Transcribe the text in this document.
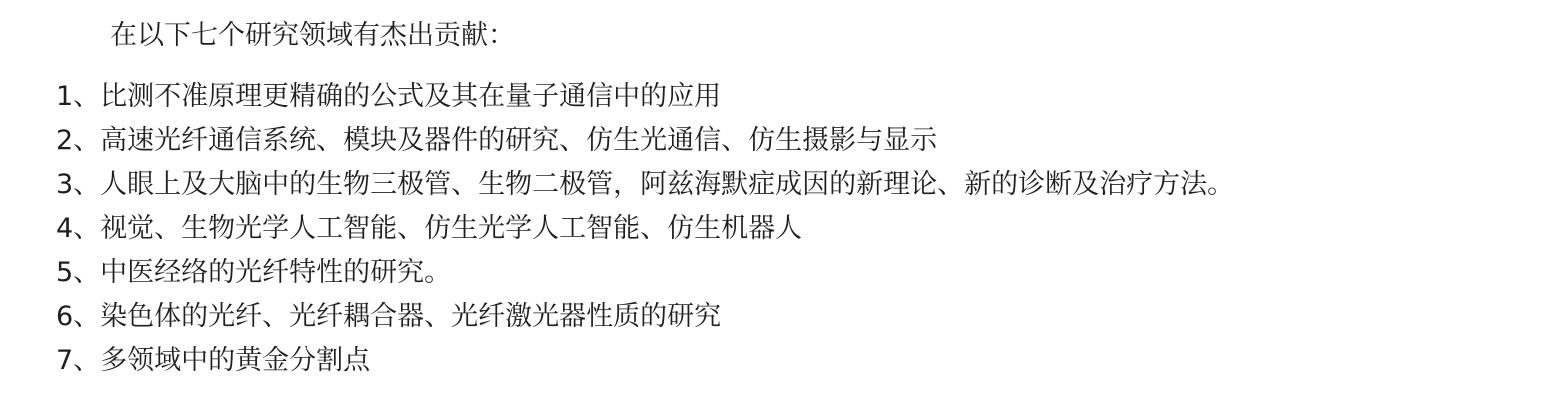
在以下七个研究领域有杰出贡献：

1、比测不准原理更精确的公式及其在量子通信中的应用
2、高速光纤通信系统、模块及器件的研究、仿生光通信、仿生摄影与显示
3、人眼上及大脑中的生物三极管、生物二极管，阿兹海默症成因的新理论、新的诊断及治疗方法。
4、视觉、生物光学人工智能、仿生光学人工智能、仿生机器人
5、中医经络的光纤特性的研究。
6、染色体的光纤、光纤耦合器、光纤激光器性质的研究
7、多领域中的黄金分割点
